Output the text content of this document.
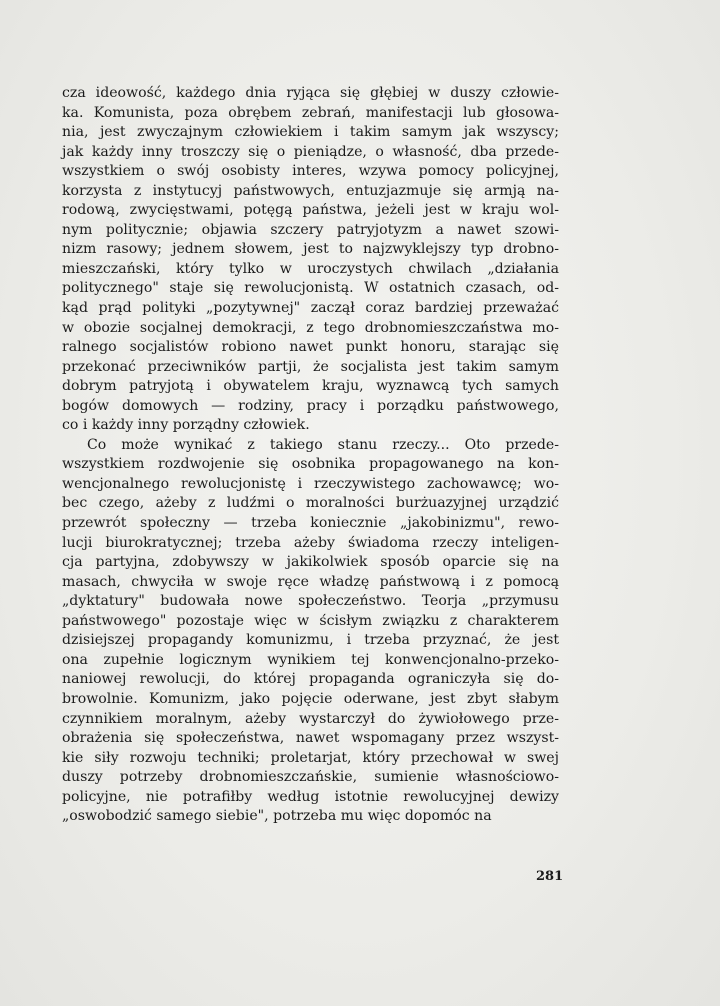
cza ideowość, każdego dnia ryjąca się głębiej w duszy człowie-
ka. Komunista, poza obrębem zebrań, manifestacji lub głosowa-
nia, jest zwyczajnym człowiekiem i takim samym jak wszyscy;
jak każdy inny troszczy się o pieniądze, o własność, dba przede-
wszystkiem o swój osobisty interes, wzywa pomocy policyjnej,
korzysta z instytucyj państwowych, entuzjazmuje się armją na-
rodową, zwycięstwami, potęgą państwa, jeżeli jest w kraju wol-
nym politycznie; objawia szczery patryjotyzm a nawet szowi-
nizm rasowy; jednem słowem, jest to najzwyklejszy typ drobno-
mieszczański, który tylko w uroczystych chwilach „działania
politycznego" staje się rewolucjonistą. W ostatnich czasach, od-
kąd prąd polityki „pozytywnej" zaczął coraz bardziej przeważać
w obozie socjalnej demokracji, z tego drobnomieszczaństwa mo-
ralnego socjalistów robiono nawet punkt honoru, starając się
przekonać przeciwników partji, że socjalista jest takim samym
dobrym patryjotą i obywatelem kraju, wyznawcą tych samych
bogów domowych — rodziny, pracy i porządku państwowego,
co i każdy inny porządny człowiek.
Co może wynikać z takiego stanu rzeczy... Oto przede-
wszystkiem rozdwojenie się osobnika propagowanego na kon-
wencjonalnego rewolucjonistę i rzeczywistego zachowawcę; wo-
bec czego, ażeby z ludźmi o moralności burżuazyjnej urządzić
przewrót społeczny — trzeba koniecznie „jakobinizmu", rewo-
lucji biurokratycznej; trzeba ażeby świadoma rzeczy inteligen-
cja partyjna, zdobywszy w jakikolwiek sposób oparcie się na
masach, chwyciła w swoje ręce władzę państwową i z pomocą
„dyktatury" budowała nowe społeczeństwo. Teorja „przymusu
państwowego" pozostaje więc w ścisłym związku z charakterem
dzisiejszej propagandy komunizmu, i trzeba przyznać, że jest
ona zupełnie logicznym wynikiem tej konwencjonalno-przeko-
naniowej rewolucji, do której propaganda ograniczyła się do-
browolnie. Komunizm, jako pojęcie oderwane, jest zbyt słabym
czynnikiem moralnym, ażeby wystarczył do żywiołowego prze-
obrażenia się społeczeństwa, nawet wspomagany przez wszyst-
kie siły rozwoju techniki; proletarjat, który przechował w swej
duszy potrzeby drobnomieszczańskie, sumienie własnościowo-
policyjne, nie potrafiłby według istotnie rewolucyjnej dewizy
„oswobodzić samego siebie", potrzeba mu więc dopomóc na
281
